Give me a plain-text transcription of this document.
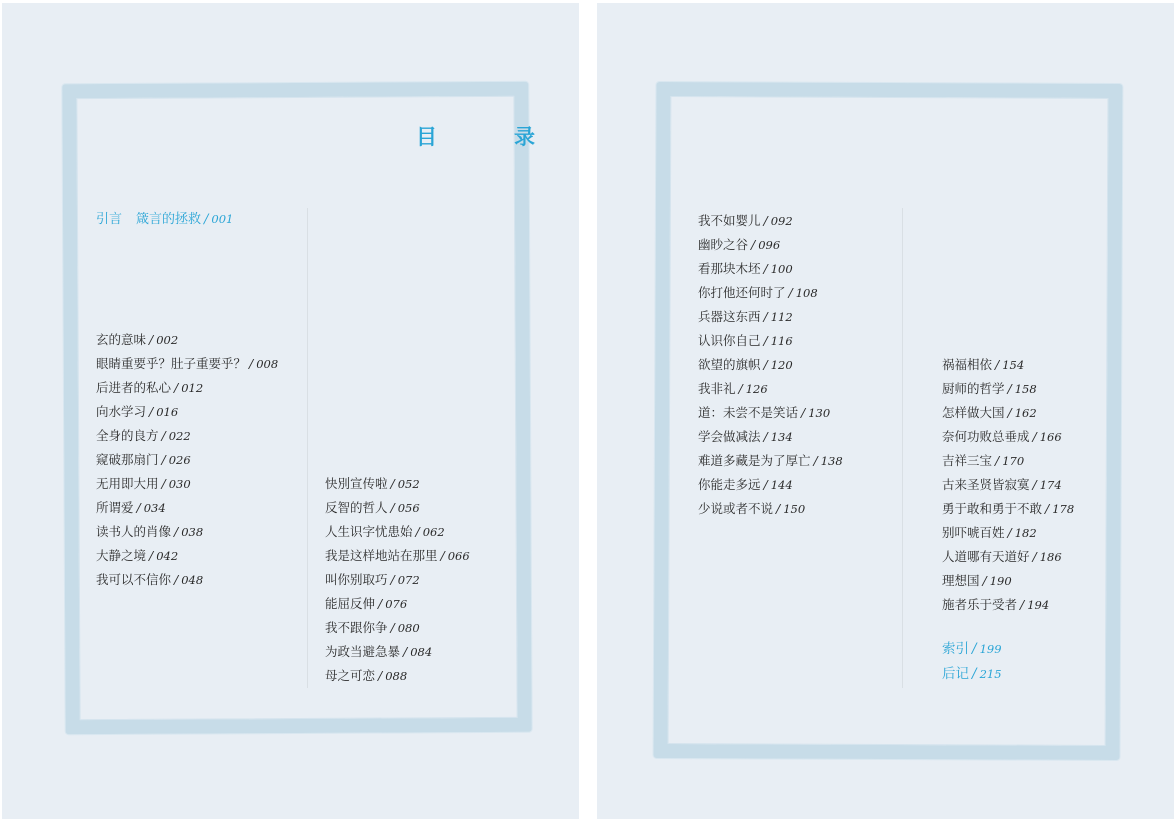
目　录

引言 箴言的拯救 / 001

玄的意味 / 002
眼睛重要乎？肚子重要乎？ / 008
后进者的私心 / 012
向水学习 / 016
全身的良方 / 022
窥破那扇门 / 026
无用即大用 / 030
所谓爱 / 034
读书人的肖像 / 038
大静之境 / 042
我可以不信你 / 048
快別宣传啦 / 052
反智的哲人 / 056
人生识字忧患始 / 062
我是这样地站在那里 / 066
叫你别取巧 / 072
能屈反伸 / 076
我不跟你争 / 080
为政当避急暴 / 084
母之可恋 / 088
我不如婴儿 / 092
幽眇之谷 / 096
看那块木坯 / 100
你打他还何时了 / 108
兵器这东西 / 112
认识你自己 / 116
欲望的旗帜 / 120
我非礼 / 126
道：未尝不是笑话 / 130
学会做减法 / 134
难道多藏是为了厚亡 / 138
你能走多远 / 144
少说或者不说 / 150
祸福相依 / 154
厨师的哲学 / 158
怎样做大国 / 162
奈何功败总垂成 / 166
吉祥三宝 / 170
古来圣贤皆寂寞 / 174
勇于敢和勇于不敢 / 178
别吓唬百姓 / 182
人道哪有天道好 / 186
理想国 / 190
施者乐于受者 / 194
索引 / 199
后记 / 215
